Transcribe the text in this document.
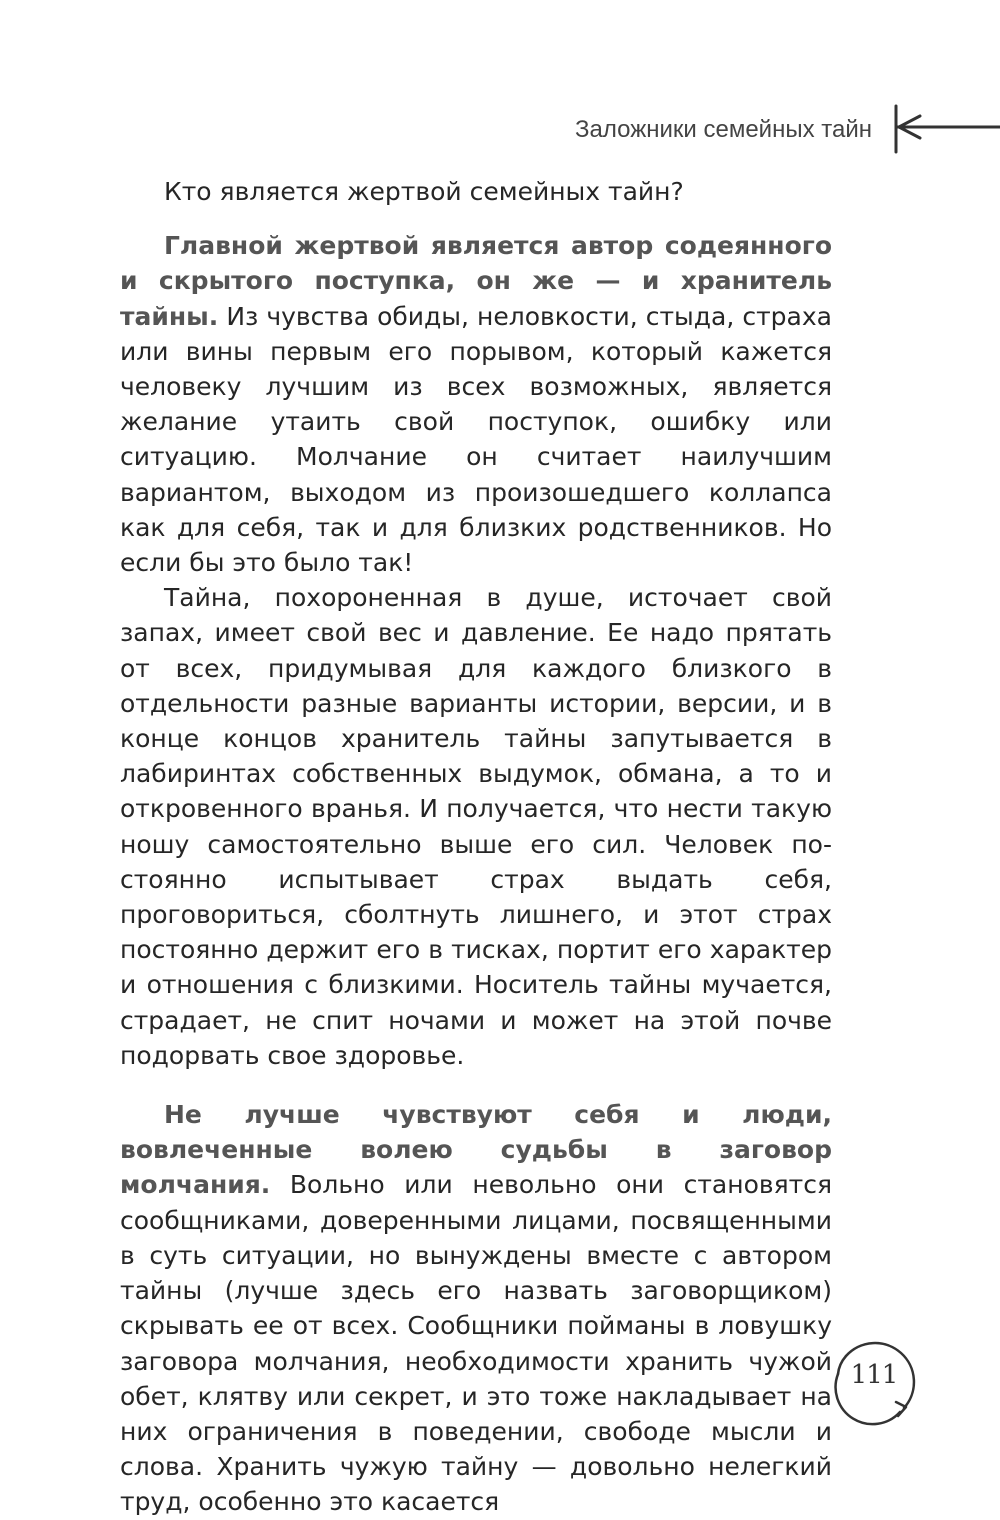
Заложники семейных тайн

Кто является жертвой семейных тайн?

Главной жертвой является автор содеянного и скрытого поступка, он же — и хранитель тайны. Из чувства обиды, неловкости, стыда, страха или вины первым его порывом, который кажется человеку лучшим из всех возможных, является желание утаить свой поступок, ошибку или ситуацию. Молчание он считает наилучшим вариантом, выходом из произошедшего коллапса как для себя, так и для близких родственников. Но если бы это было так!

Тайна, похороненная в душе, источает свой запах, имеет свой вес и давление. Ее надо прятать от всех, придумывая для каждого близкого в отдельности разные варианты истории, версии, и в конце концов хранитель тайны запутывается в лабиринтах собственных выдумок, обмана, а то и откровенного вранья. И получается, что нести такую ношу самостоятельно выше его сил. Человек постоянно испытывает страх выдать себя, проговориться, сболтнуть лишнего, и этот страх постоянно держит его в тисках, портит его характер и отношения с близкими. Носитель тайны мучается, страдает, не спит ночами и может на этой почве подорвать свое здоровье.

Не лучше чувствуют себя и люди, вовлеченные волею судьбы в заговор молчания. Вольно или невольно они становятся сообщниками, доверенными лицами, посвященными в суть ситуации, но вынуждены вместе с автором тайны (лучше здесь его назвать заговорщиком) скрывать ее от всех. Сообщники пойманы в ловушку заговора молчания, необходимости хранить чужой обет, клятву или секрет, и это тоже накладывает на них ограничения в поведении, свободе мысли и слова. Хранить чужую тайну — довольно нелегкий труд, особенно это касается

111
